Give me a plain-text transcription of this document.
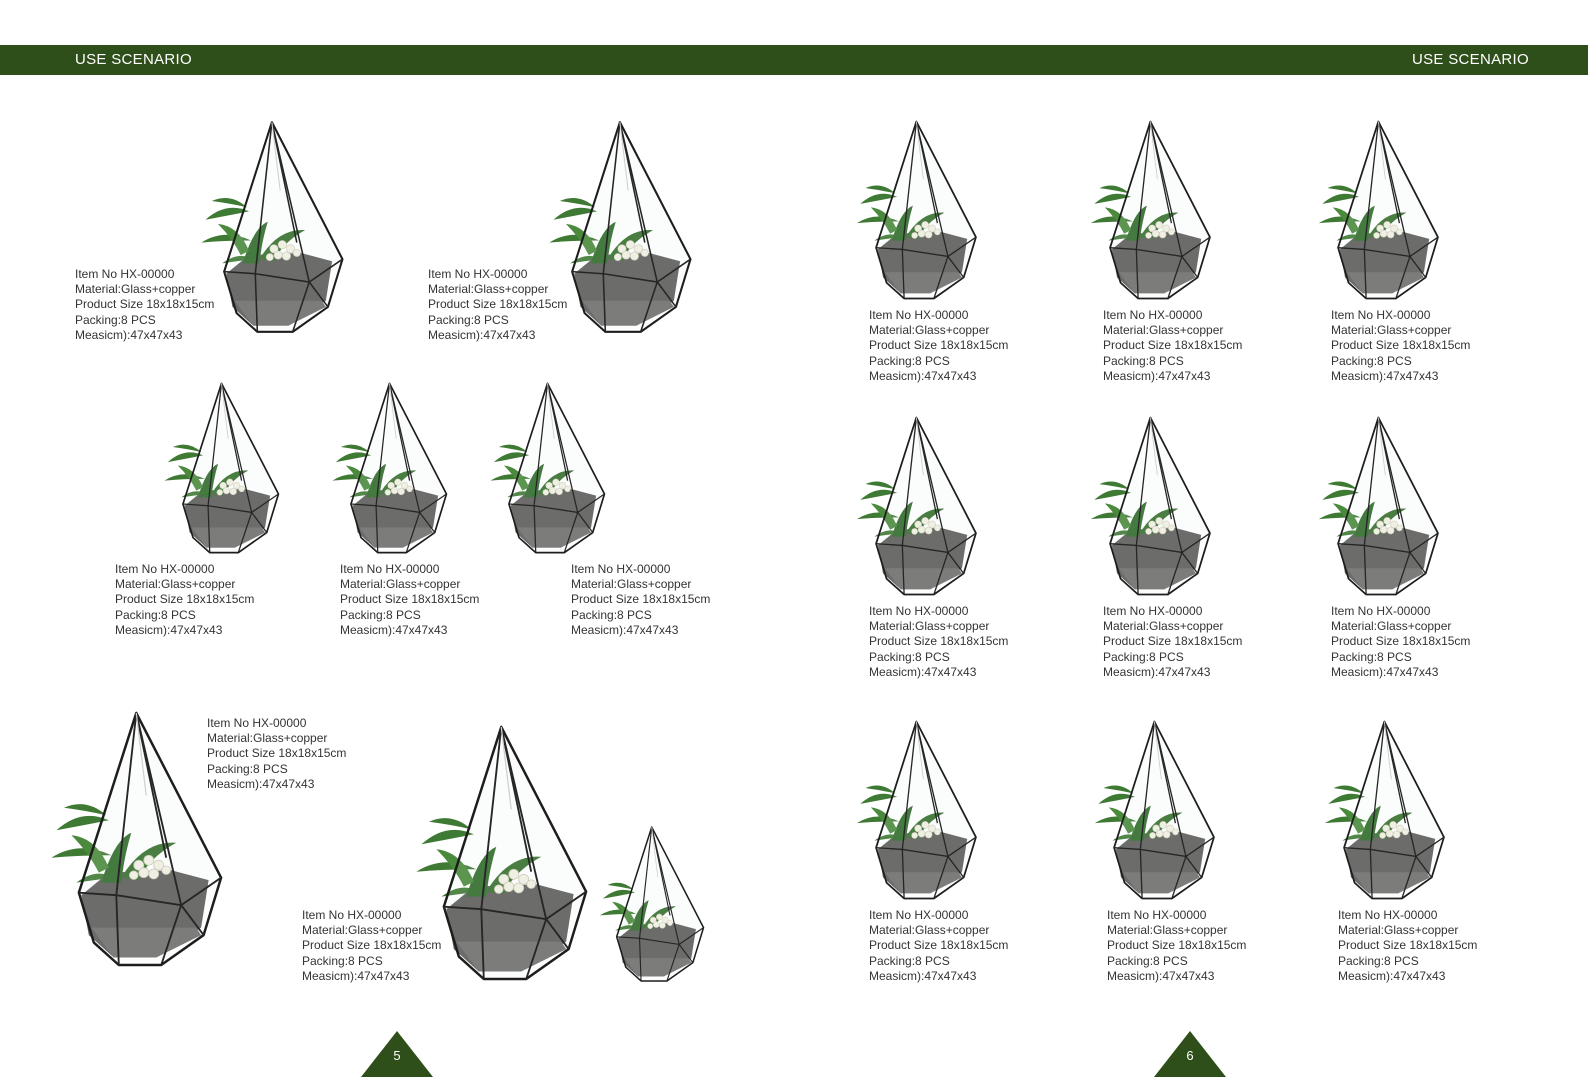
USE SCENARIO	USE SCENARIO
Item No HX-00000
Material:Glass+copper
Product Size 18x18x15cm
Packing:8 PCS
Measicm):47x47x43
Item No HX-00000
Material:Glass+copper
Product Size 18x18x15cm
Packing:8 PCS
Measicm):47x47x43
Item No HX-00000
Material:Glass+copper
Product Size 18x18x15cm
Packing:8 PCS
Measicm):47x47x43
Item No HX-00000
Material:Glass+copper
Product Size 18x18x15cm
Packing:8 PCS
Measicm):47x47x43
Item No HX-00000
Material:Glass+copper
Product Size 18x18x15cm
Packing:8 PCS
Measicm):47x47x43
Item No HX-00000
Material:Glass+copper
Product Size 18x18x15cm
Packing:8 PCS
Measicm):47x47x43
Item No HX-00000
Material:Glass+copper
Product Size 18x18x15cm
Packing:8 PCS
Measicm):47x47x43
Item No HX-00000
Material:Glass+copper
Product Size 18x18x15cm
Packing:8 PCS
Measicm):47x47x43
Item No HX-00000
Material:Glass+copper
Product Size 18x18x15cm
Packing:8 PCS
Measicm):47x47x43
Item No HX-00000
Material:Glass+copper
Product Size 18x18x15cm
Packing:8 PCS
Measicm):47x47x43
Item No HX-00000
Material:Glass+copper
Product Size 18x18x15cm
Packing:8 PCS
Measicm):47x47x43
Item No HX-00000
Material:Glass+copper
Product Size 18x18x15cm
Packing:8 PCS
Measicm):47x47x43
Item No HX-00000
Material:Glass+copper
Product Size 18x18x15cm
Packing:8 PCS
Measicm):47x47x43
Item No HX-00000
Material:Glass+copper
Product Size 18x18x15cm
Packing:8 PCS
Measicm):47x47x43
Item No HX-00000
Material:Glass+copper
Product Size 18x18x15cm
Packing:8 PCS
Measicm):47x47x43
Item No HX-00000
Material:Glass+copper
Product Size 18x18x15cm
Packing:8 PCS
Measicm):47x47x43
5	6
